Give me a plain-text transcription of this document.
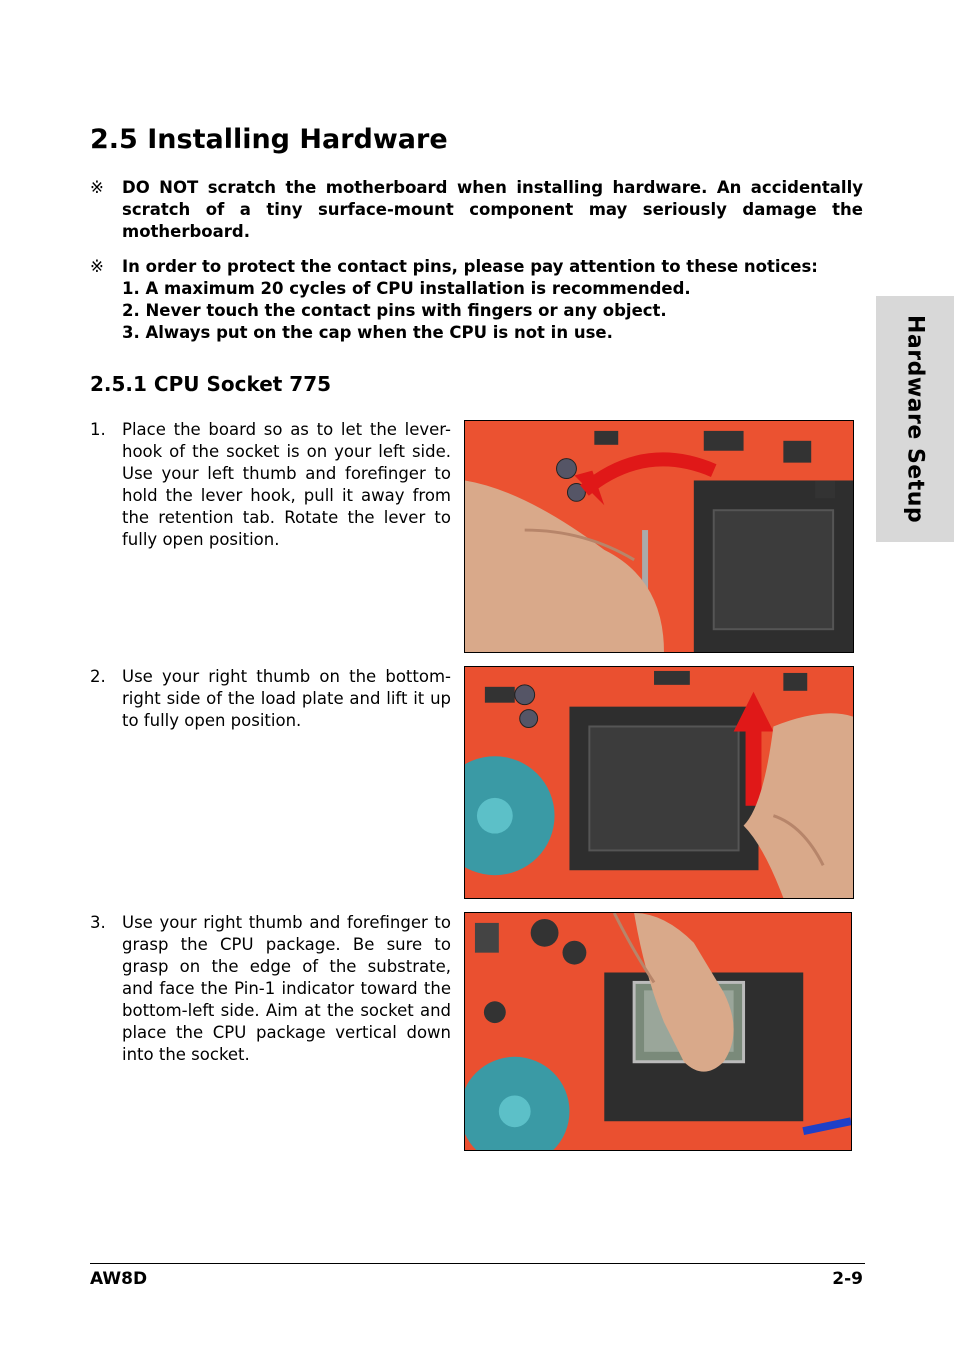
Hardware Setup
2.5 Installing Hardware
※	DO NOT scratch the motherboard when installing hardware. An accidentally scratch of a tiny surface-mount component may seriously damage the motherboard.
※	In order to protect the contact pins, please pay attention to these notices:
1. A maximum 20 cycles of CPU installation is recommended.
2. Never touch the contact pins with fingers or any object.
3. Always put on the cap when the CPU is not in use.
2.5.1 CPU Socket 775
1. Place the board so as to let the lever-hook of the socket is on your left side. Use your left thumb and forefinger to hold the lever hook, pull it away from the retention tab. Rotate the lever to fully open position.
2. Use your right thumb on the bottom-right side of the load plate and lift it up to fully open position.
3. Use your right thumb and forefinger to grasp the CPU package. Be sure to grasp on the edge of the substrate, and face the Pin-1 indicator toward the bottom-left side. Aim at the socket and place the CPU package vertical down into the socket.
AW8D	2-9
